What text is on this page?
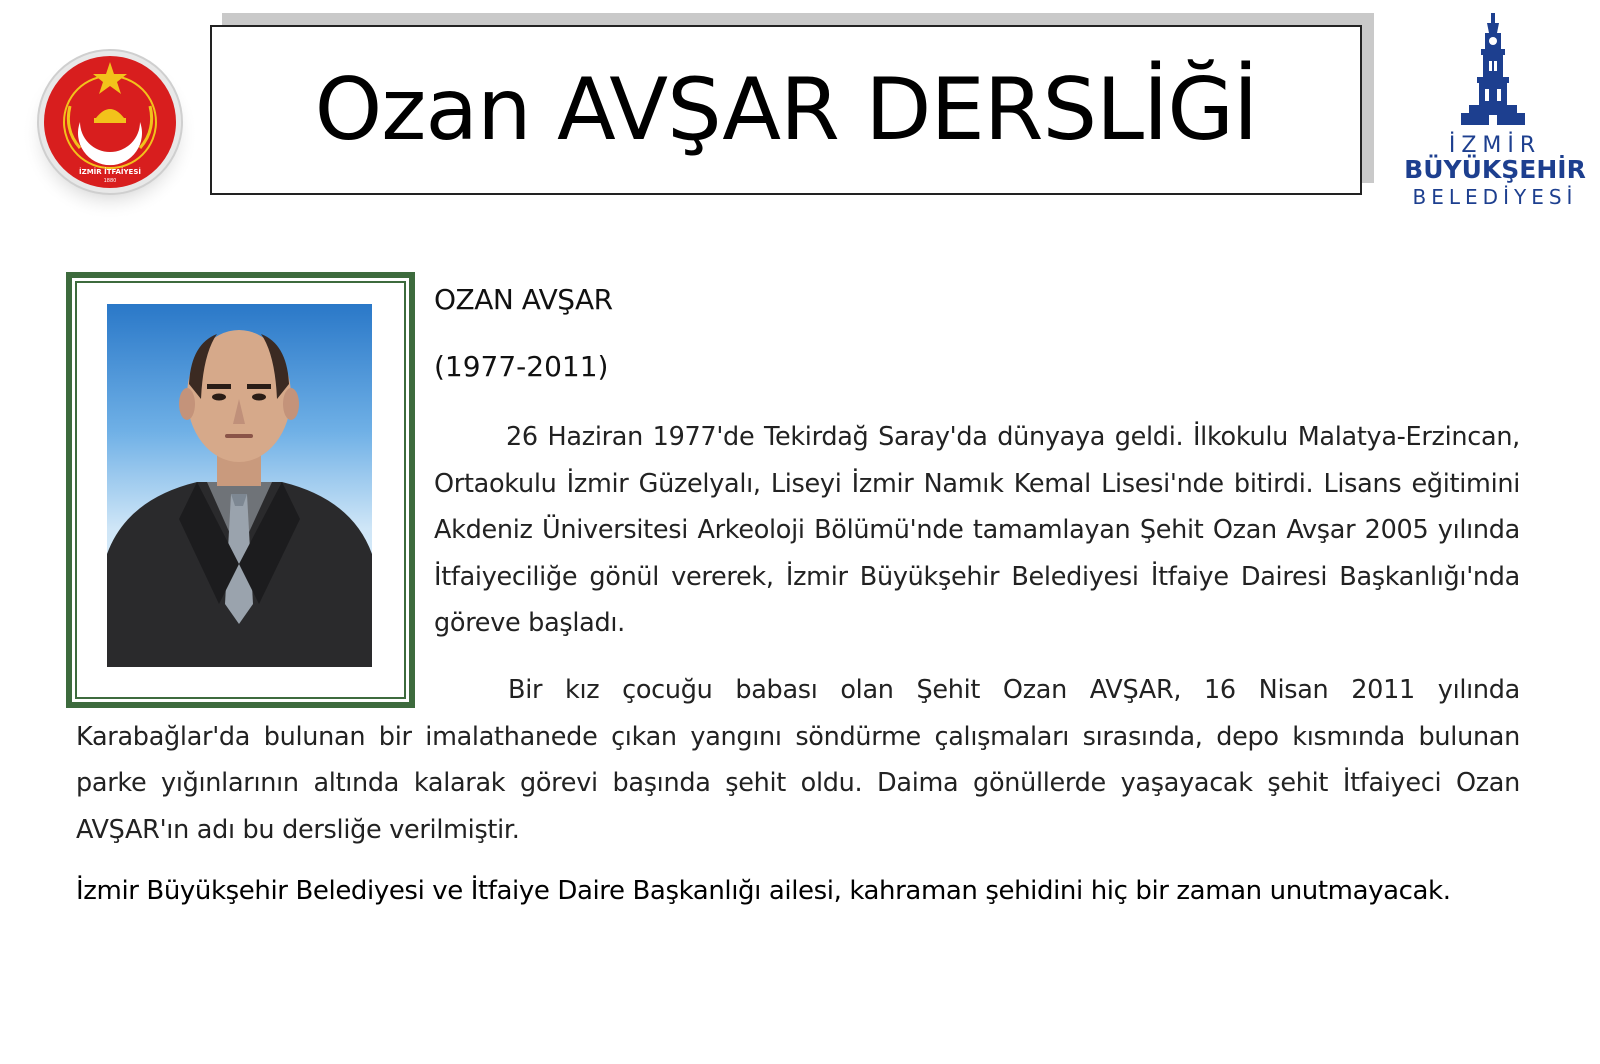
İZMİR İTFAİYESİ
1880
Ozan AVŞAR DERSLİĞİ	İZMİR
BÜYÜKŞEHİR
BELEDİYESİ
OZAN AVŞAR
(1977-2011)
26 Haziran 1977'de Tekirdağ Saray'da dünyaya geldi. İlkokulu Malatya-Erzincan, Ortaokulu İzmir Güzelyalı, Liseyi İzmir Namık Kemal Lisesi'nde bitirdi. Lisans eğitimini Akdeniz Üniversitesi Arkeoloji Bölümü'nde tamamlayan Şehit Ozan Avşar 2005 yılında İtfaiyeciliğe gönül vererek, İzmir Büyükşehir Belediyesi İtfaiye Dairesi Başkanlığı'nda göreve başladı.
Bir kız çocuğu babası olan Şehit Ozan AVŞAR, 16 Nisan 2011 yılında Karabağlar'da bulunan bir imalathanede çıkan yangını söndürme çalışmaları sırasında, depo kısmında bulunan parke yığınlarının altında kalarak görevi başında şehit oldu. Daima gönüllerde yaşayacak şehit İtfaiyeci Ozan AVŞAR'ın adı bu dersliğe verilmiştir.
İzmir Büyükşehir Belediyesi ve İtfaiye Daire Başkanlığı ailesi, kahraman şehidini hiç bir zaman unutmayacak.
